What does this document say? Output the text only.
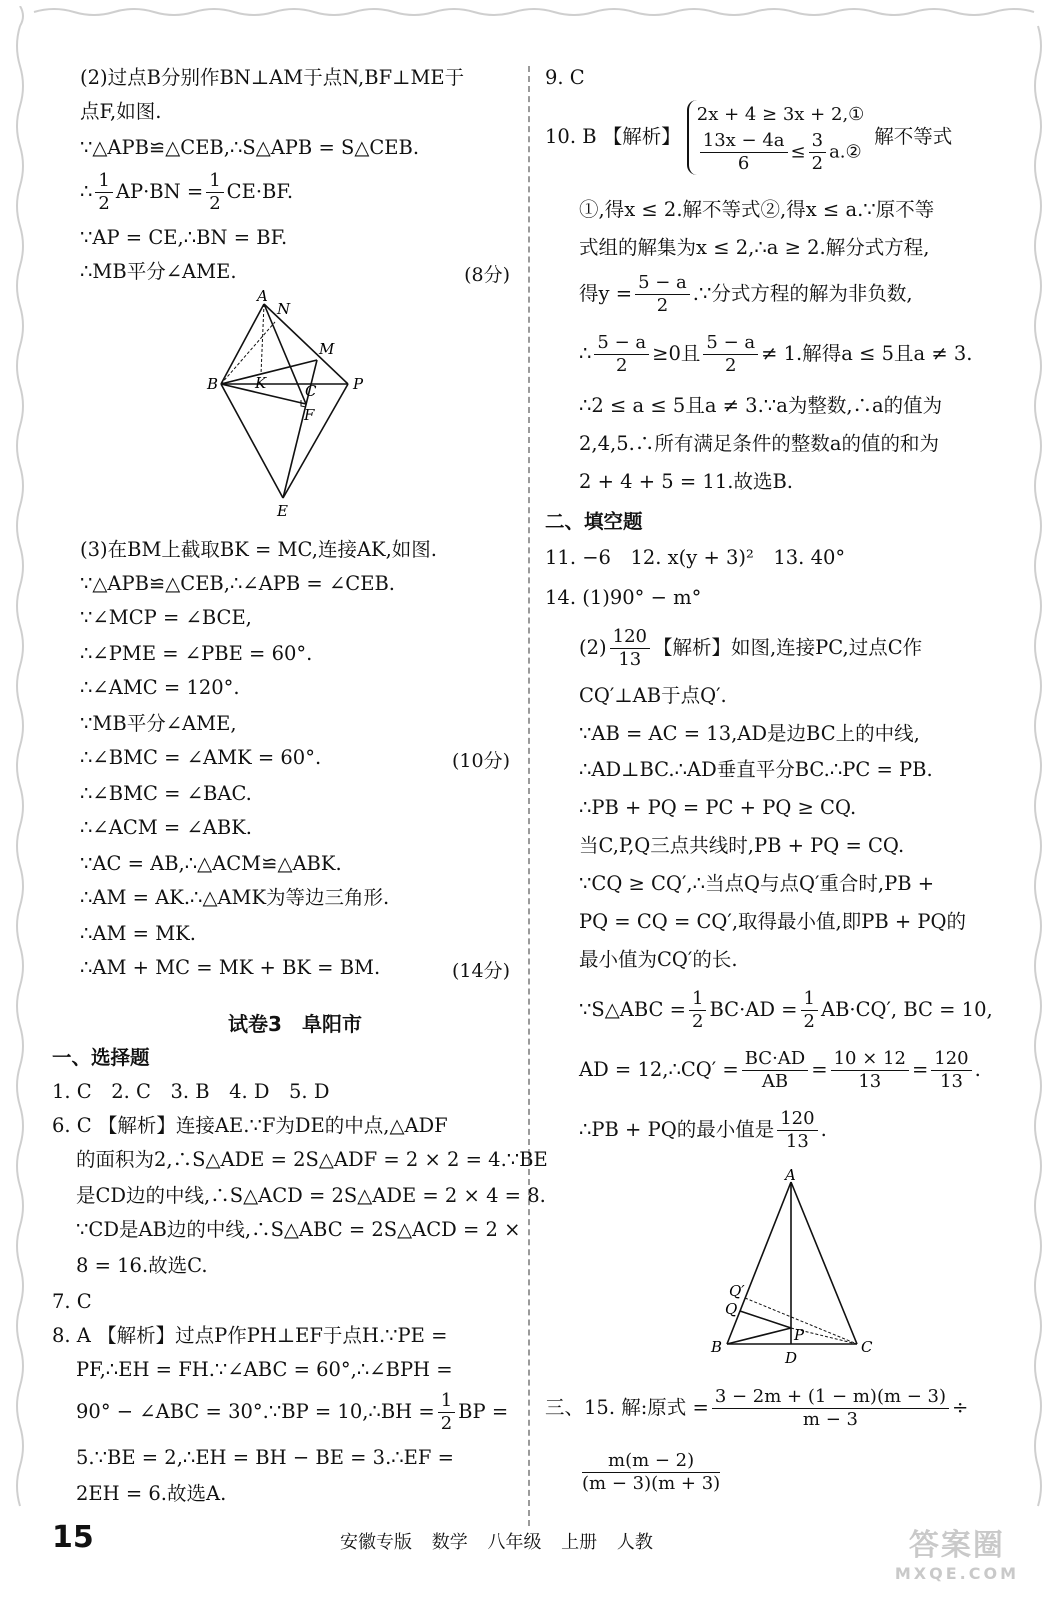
(2)过点B分别作BN⊥AM于点N,BF⊥ME于
点F,如图.
∵△APB≌△CEB,∴S△APB = S△CEB.
∴ $\frac{1}{2} AP\cdot BN = \frac{1}{2} CE\cdot BF$.
∵AP = CE,∴BN = BF.
∴MB平分∠AME.	(8分)
A
N
M
B K	C P
F
E
(3)在BM上截取BK = MC,连接AK,如图.
∵△APB≌△CEB,∴∠APB = ∠CEB.
∵∠MCP = ∠BCE,
∴∠PME = ∠PBE = 60°.
∴∠AMC = 120°.
∵MB平分∠AME,
∴∠BMC = ∠AMK = 60°.	(10分)
∴∠BMC = ∠BAC.
∴∠ACM = ∠ABK.
∵AC = AB,∴△ACM≌△ABK.
∴AM = AK.∴△AMK为等边三角形.
∴AM = MK.
∴AM + MC = MK + BK = BM.	(14分)
试卷3　阜阳市
一、选择题
1. C　2. C　3. B　4. D　5. D
6. C 【解析】连接AE.∵F为DE的中点,△ADF
的面积为2,∴S△ADE = 2S△ADF = 2 × 2 = 4.∵BE
是CD边的中线,∴S△ACD = 2S△ADE = 2 × 4 = 8.
∵CD是AB边的中线,∴S△ABC = 2S△ACD = 2 ×
8 = 16.故选C.
7. C
8. A 【解析】过点P作PH⊥EF于点H.∵PE =
PF,∴EH = FH.∵∠ABC = 60°,∴∠BPH =
90° − ∠ABC = 30°.∵BP = 10,∴BH = $\frac{1}{2}$ BP =
5.∵BE = 2,∴EH = BH − BE = 3.∴EF =
2EH = 6.故选A.
9. C
10. B 【解析】
2x + 4 ≥ 3x + 2,①
$\frac{13x - 4a}{6} \le \frac{3}{2}$ a.②
解不等式
①,得x ≤ 2.解不等式②,得x ≤ a.∵原不等
式组的解集为x ≤ 2,∴a ≥ 2.解分式方程,
得$y = \frac{5 - a}{2}$ .∵分式方程的解为非负数,
∴ $\frac{5 - a}{2} \ge 0$且 $\frac{5 - a}{2} \ne 1$.解得a ≤ 5且a ≠ 3.
∴2 ≤ a ≤ 5且a ≠ 3.∵a为整数,∴a的值为
2,4,5.∴所有满足条件的整数a的值的和为
2 + 4 + 5 = 11.故选B.
二、填空题
11. −6　12. x(y + 3)²　13. 40°
14. (1)90° − m°
$(2) \frac{120}{13}$ 【解析】如图,连接PC,过点C作
CQ′⊥AB于点Q′.
∵AB = AC = 13,AD是边BC上的中线,
∴AD⊥BC.∴AD垂直平分BC.∴PC = PB.
∴PB + PQ = PC + PQ ≥ CQ.
当C,P,Q三点共线时,PB + PQ = CQ.
∵CQ ≥ CQ′,∴当点Q与点Q′重合时,PB +
PQ = CQ = CQ′,取得最小值,即PB + PQ的
最小值为CQ′的长.
∵S△ABC = $\frac{1}{2} BC\cdot AD = \frac{1}{2} AB\cdot CQ'$, BC = 10,
AD = 12,∴CQ′ = $\frac{BC\cdot AD}{AB} = \frac{10 \times 12}{13} = \frac{120}{13}$ .
∴PB + PQ的最小值是 $\frac{120}{13}$ .
A
Q′
Q
P
B
D
C
三、15. 解:原式 = $\frac{3 - 2m + (1 - m)(m - 3)}{m - 3}$ ÷
$\frac{m(m - 2)}{(m - 3)(m + 3)}$
15	安徽专版 数学 八年级 上册 人教	答案圈
MXQE.COM
